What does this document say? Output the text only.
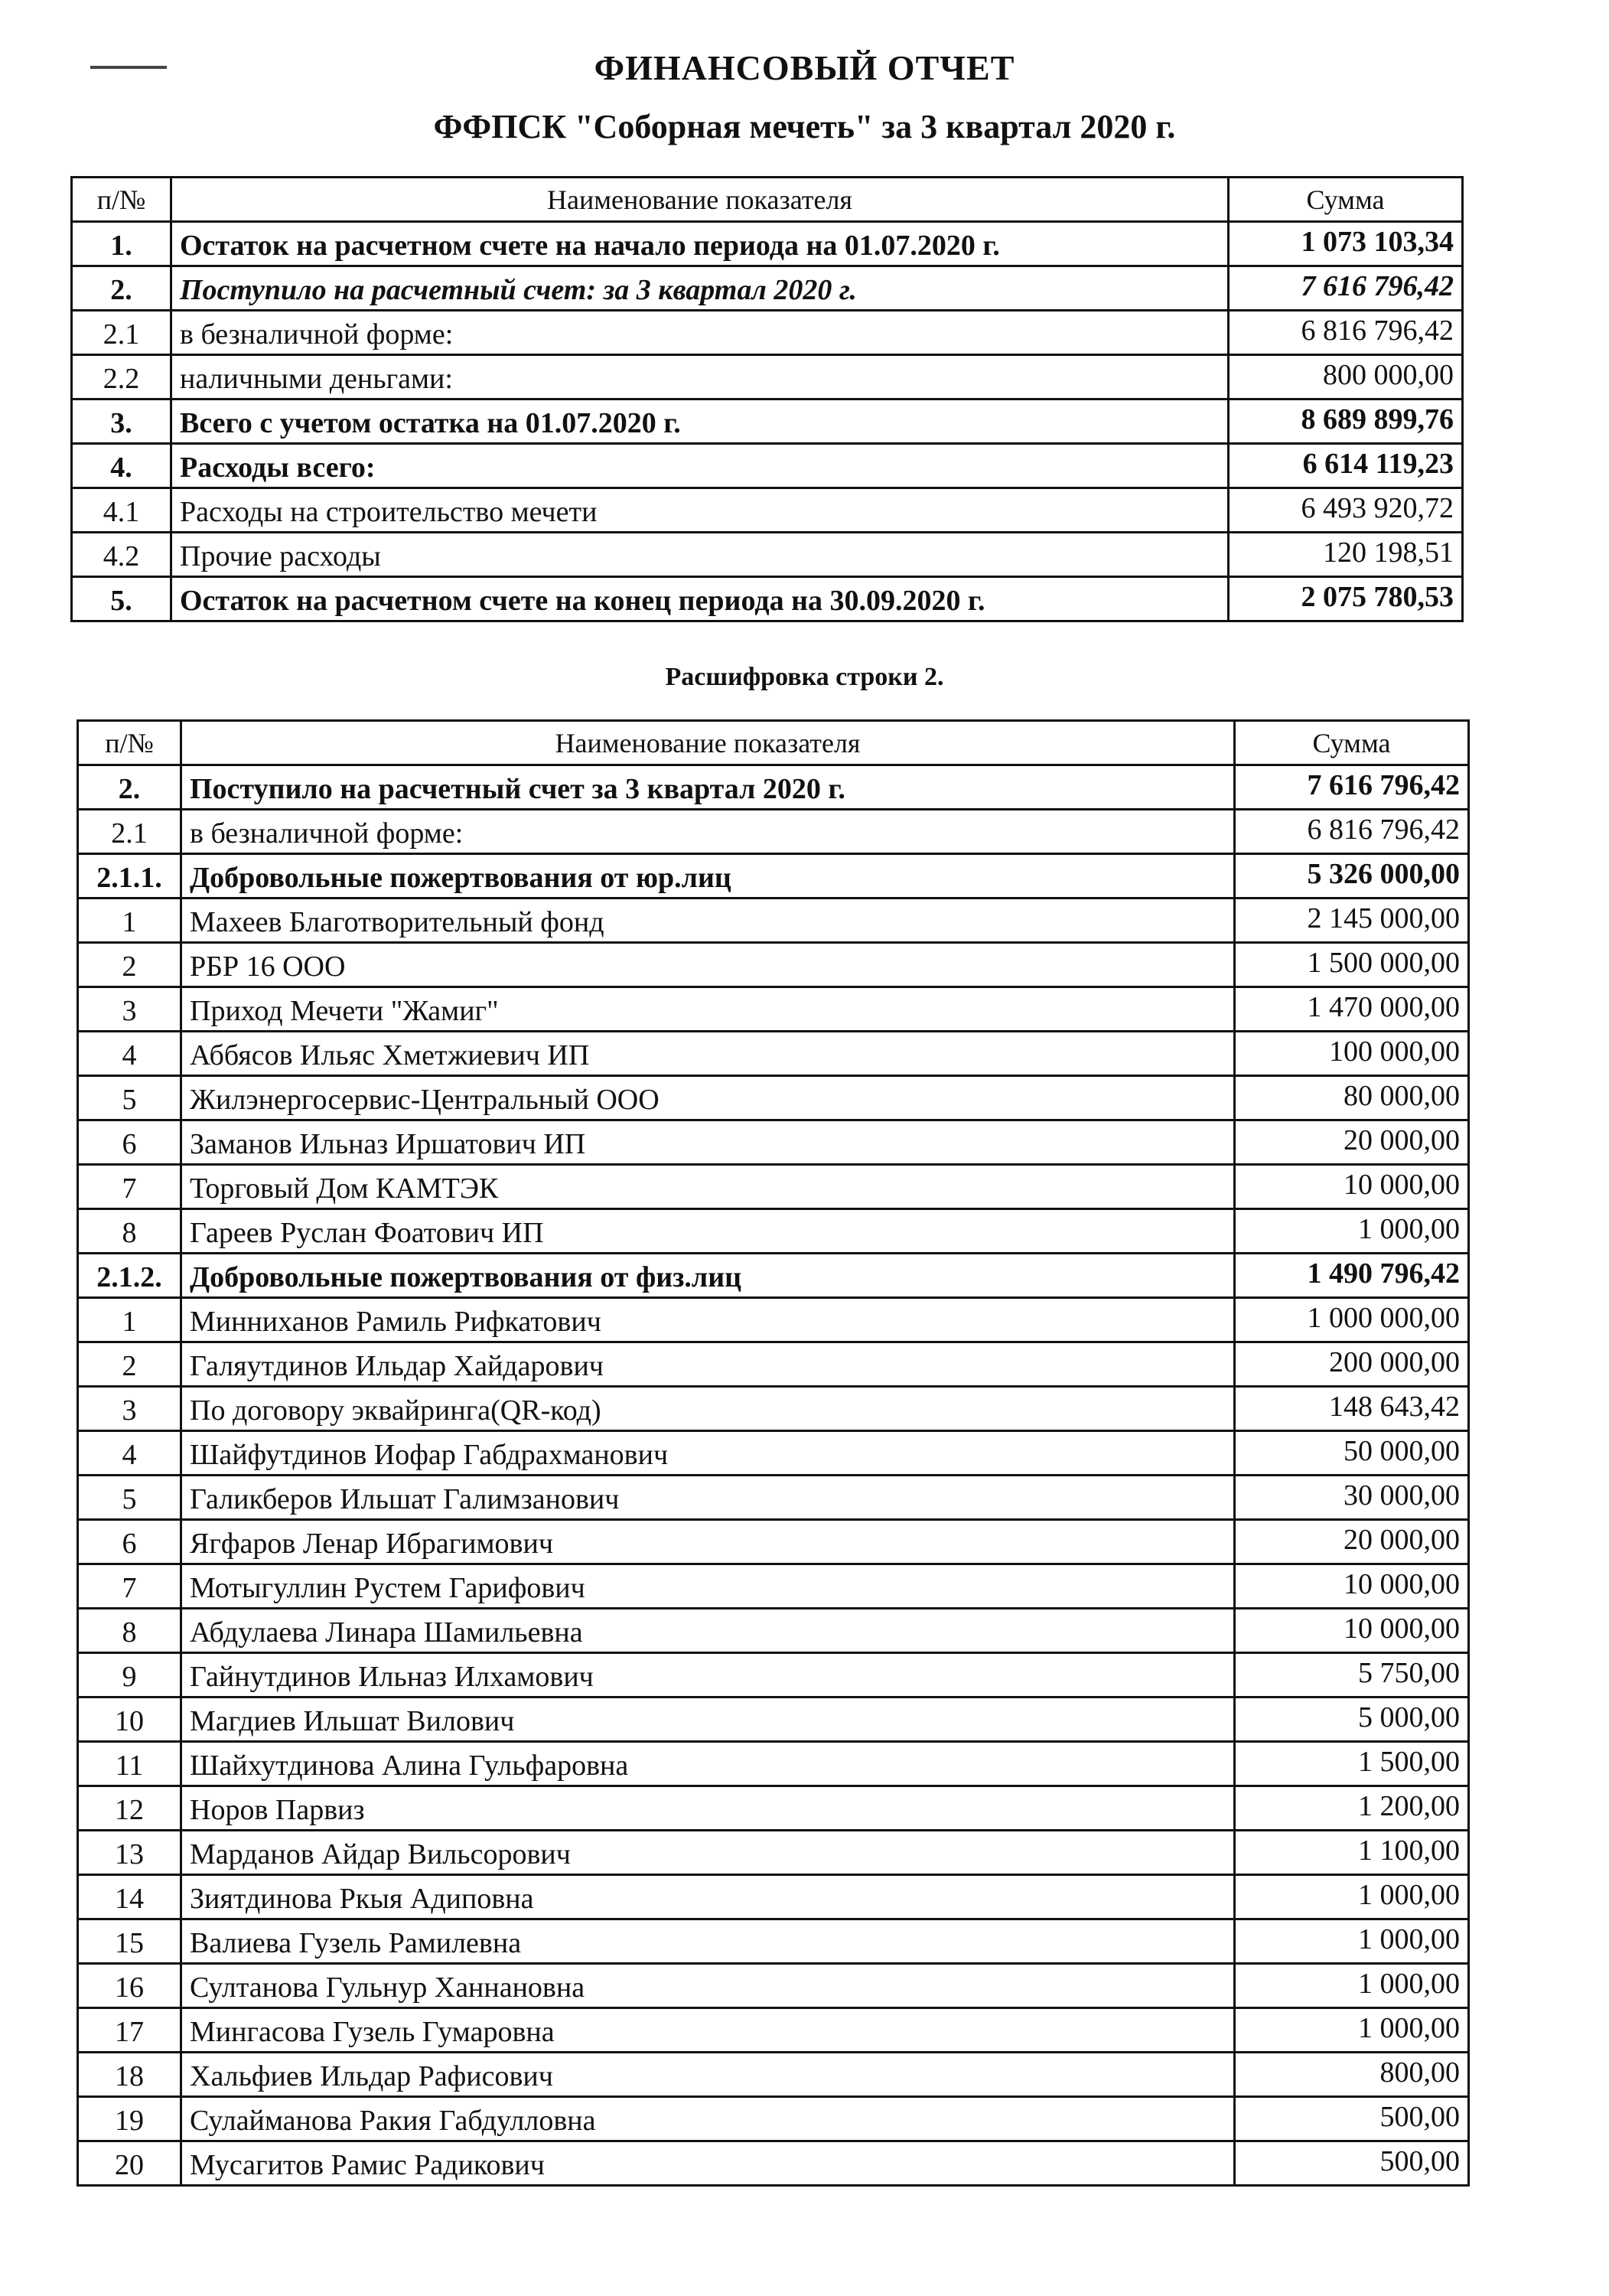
ФИНАНСОВЫЙ ОТЧЕТ
ФФПСК "Соборная мечеть" за 3 квартал 2020 г.
п/№	Наименование показателя	Сумма
1.	Остаток на расчетном счете на начало периода на 01.07.2020 г.	1 073 103,34
2.	Поступило на расчетный счет: за 3 квартал 2020 г.	7 616 796,42
2.1	в безналичной форме:	6 816 796,42
2.2	наличными деньгами:	800 000,00
3.	Всего с учетом остатка на 01.07.2020 г.	8 689 899,76
4.	Расходы всего:	6 614 119,23
4.1	Расходы на строительство мечети	6 493 920,72
4.2	Прочие расходы	120 198,51
5.	Остаток на расчетном счете на конец периода на 30.09.2020 г.	2 075 780,53
Расшифровка строки 2.
п/№	Наименование показателя	Сумма
2.	Поступило на расчетный счет за 3 квартал 2020 г.	7 616 796,42
2.1	в безналичной форме:	6 816 796,42
2.1.1.	Добровольные пожертвования от юр.лиц	5 326 000,00
1	Махеев Благотворительный фонд	2 145 000,00
2	РБР 16 ООО	1 500 000,00
3	Приход Мечети "Жамиг"	1 470 000,00
4	Аббясов Ильяс Хметжиевич ИП	100 000,00
5	Жилэнергосервис-Центральный ООО	80 000,00
6	Заманов Ильназ Иршатович ИП	20 000,00
7	Торговый Дом КАМТЭК	10 000,00
8	Гареев Руслан Фоатович ИП	1 000,00
2.1.2.	Добровольные пожертвования от физ.лиц	1 490 796,42
1	Минниханов Рамиль Рифкатович	1 000 000,00
2	Галяутдинов Ильдар Хайдарович	200 000,00
3	По договору эквайринга(QR-код)	148 643,42
4	Шайфутдинов Иофар Габдрахманович	50 000,00
5	Галикберов Ильшат Галимзанович	30 000,00
6	Ягфаров Ленар Ибрагимович	20 000,00
7	Мотыгуллин Рустем Гарифович	10 000,00
8	Абдулаева Линара Шамильевна	10 000,00
9	Гайнутдинов Ильназ Илхамович	5 750,00
10	Магдиев Ильшат Вилович	5 000,00
11	Шайхутдинова Алина Гульфаровна	1 500,00
12	Норов Парвиз	1 200,00
13	Марданов Айдар Вильсорович	1 100,00
14	Зиятдинова Ркыя Адиповна	1 000,00
15	Валиева Гузель Рамилевна	1 000,00
16	Султанова Гульнур Ханнановна	1 000,00
17	Мингасова Гузель Гумаровна	1 000,00
18	Хальфиев Ильдар Рафисович	800,00
19	Сулайманова Ракия Габдулловна	500,00
20	Мусагитов Рамис Радикович	500,00
